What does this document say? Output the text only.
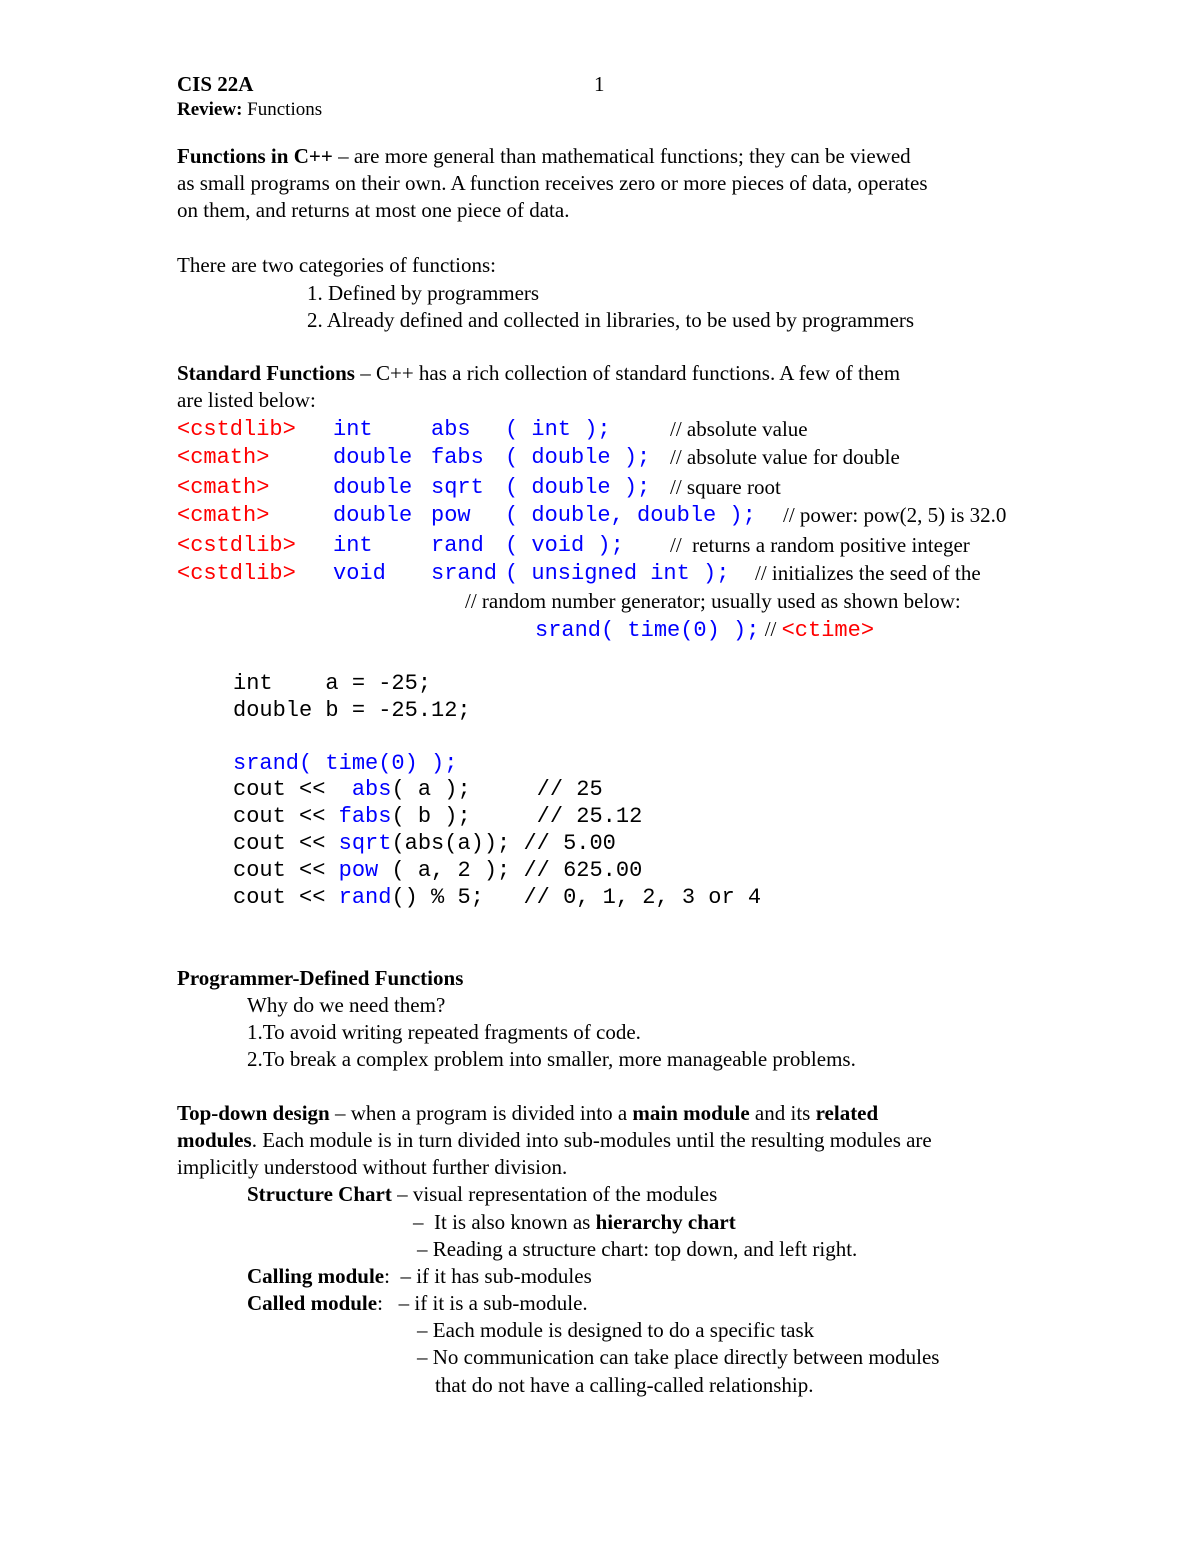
CIS 22A	1
Review: Functions
Functions in C++ – are more general than mathematical functions; they can be viewed
as small programs on their own. A function receives zero or more pieces of data, operates
on them, and returns at most one piece of data.
There are two categories of functions:
1. Defined by programmers
2. Already defined and collected in libraries, to be used by programmers
Standard Functions – C++ has a rich collection of standard functions. A few of them
are listed below:
<cstdlib> int	abs ( int );	// absolute value
<cmath>	double fabs ( double ); // absolute value for double
<cmath>	double sqrt ( double ); // square root
<cmath>	double pow ( double, double ); // power: pow(2, 5) is 32.0
<cstdlib> int	rand ( void ); //  returns a random positive integer
<cstdlib> void srand ( unsigned int ); // initializes the seed of the
// random number generator; usually used as shown below:
srand( time(0) ); // <ctime>
int    a = -25;
double b = -25.12;
srand( time(0) );
cout <<  abs( a );     // 25
cout << fabs( b );     // 25.12
cout << sqrt(abs(a)); // 5.00
cout << pow ( a, 2 ); // 625.00
cout << rand() % 5;   // 0, 1, 2, 3 or 4
Programmer-Defined Functions
Why do we need them?
1.To avoid writing repeated fragments of code.
2.To break a complex problem into smaller, more manageable problems.
Top-down design – when a program is divided into a main module and its related
modules. Each module is in turn divided into sub-modules until the resulting modules are
implicitly understood without further division.
Structure Chart – visual representation of the modules
–  It is also known as hierarchy chart
– Reading a structure chart: top down, and left right.
Calling module:  – if it has sub-modules
Called module:   – if it is a sub-module.
– Each module is designed to do a specific task
– No communication can take place directly between modules
that do not have a calling-called relationship.
